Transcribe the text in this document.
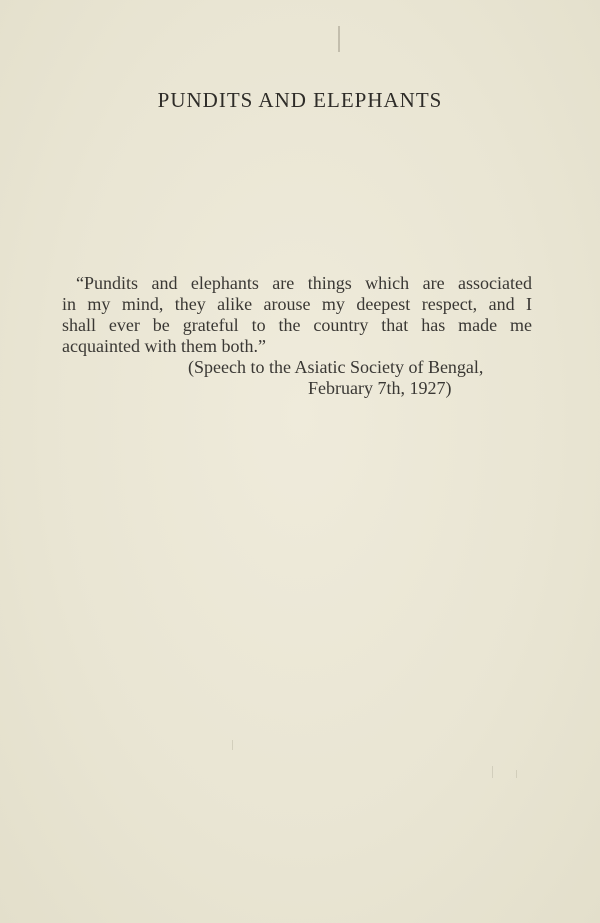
PUNDITS AND ELEPHANTS
“Pundits and elephants are things which are associated
in my mind, they alike arouse my deepest respect, and I
shall ever be grateful to the country that has made me
acquainted with them both.”
(Speech to the Asiatic Society of Bengal,
February 7th, 1927)
